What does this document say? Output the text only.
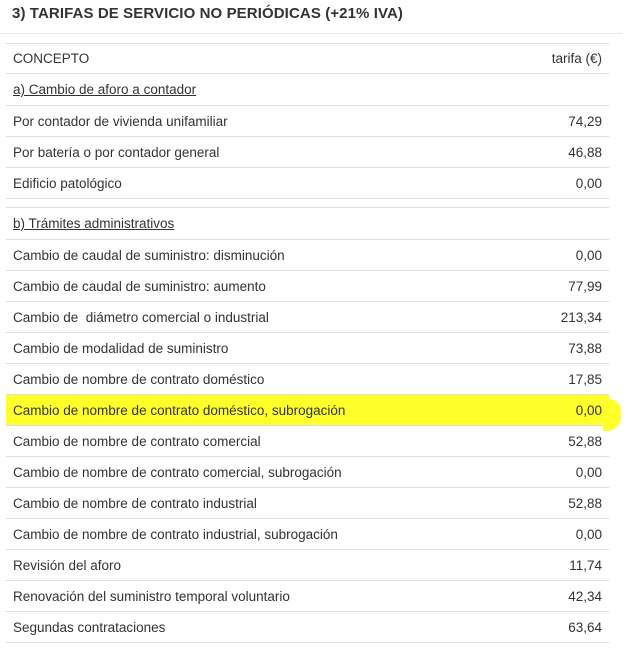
3) TARIFAS DE SERVICIO NO PERIÓDICAS (+21% IVA)
CONCEPTO	tarifa (€)
a) Cambio de aforo a contador	
Por contador de vivienda unifamiliar	74,29
Por batería o por contador general	46,88
Edificio patológico	0,00

b) Trámites administrativos	
Cambio de caudal de suministro: disminución	0,00
Cambio de caudal de suministro: aumento	77,99
Cambio de  diámetro comercial o industrial	213,34
Cambio de modalidad de suministro	73,88
Cambio de nombre de contrato doméstico	17,85
Cambio de nombre de contrato doméstico, subrogación	0,00
Cambio de nombre de contrato comercial	52,88
Cambio de nombre de contrato comercial, subrogación	0,00
Cambio de nombre de contrato industrial	52,88
Cambio de nombre de contrato industrial, subrogación	0,00
Revisión del aforo	11,74
Renovación del suministro temporal voluntario	42,34
Segundas contrataciones	63,64
